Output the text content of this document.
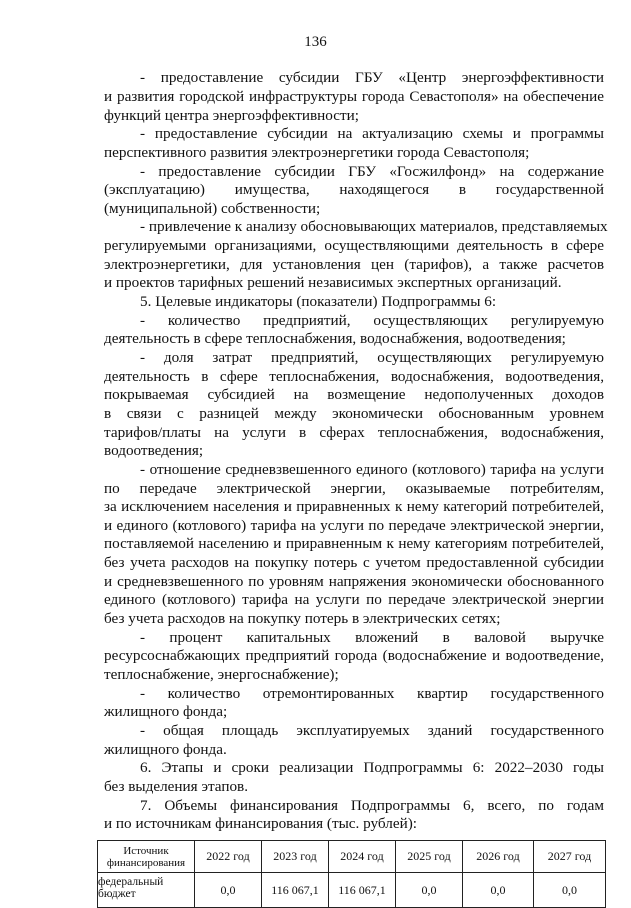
136
- предоставление субсидии ГБУ «Центр энергоэффективности
и развития городской инфраструктуры города Севастополя» на обеспечение
функций центра энергоэффективности;
- предоставление субсидии на актуализацию схемы и программы
перспективного развития электроэнергетики города Севастополя;
- предоставление субсидии ГБУ «Госжилфонд» на содержание
(эксплуатацию) имущества, находящегося в государственной
(муниципальной) собственности;
- привлечение к анализу обосновывающих материалов, представляемых
регулируемыми организациями, осуществляющими деятельность в сфере
электроэнергетики, для установления цен (тарифов), а также расчетов
и проектов тарифных решений независимых экспертных организаций.
5. Целевые индикаторы (показатели) Подпрограммы 6:
- количество предприятий, осуществляющих регулируемую
деятельность в сфере теплоснабжения, водоснабжения, водоотведения;
- доля затрат предприятий, осуществляющих регулируемую
деятельность в сфере теплоснабжения, водоснабжения, водоотведения,
покрываемая субсидией на возмещение недополученных доходов
в связи с разницей между экономически обоснованным уровнем
тарифов/платы на услуги в сферах теплоснабжения, водоснабжения,
водоотведения;
- отношение средневзвешенного единого (котлового) тарифа на услуги
по передаче электрической энергии, оказываемые потребителям,
за исключением населения и приравненных к нему категорий потребителей,
и единого (котлового) тарифа на услуги по передаче электрической энергии,
поставляемой населению и приравненным к нему категориям потребителей,
без учета расходов на покупку потерь с учетом предоставленной субсидии
и средневзвешенного по уровням напряжения экономически обоснованного
единого (котлового) тарифа на услуги по передаче электрической энергии
без учета расходов на покупку потерь в электрических сетях;
- процент капитальных вложений в валовой выручке
ресурсоснабжающих предприятий города (водоснабжение и водоотведение,
теплоснабжение, энергоснабжение);
- количество отремонтированных квартир государственного
жилищного фонда;
- общая площадь эксплуатируемых зданий государственного
жилищного фонда.
6. Этапы и сроки реализации Подпрограммы 6: 2022–2030 годы
без выделения этапов.
7. Объемы финансирования Подпрограммы 6, всего, по годам
и по источникам финансирования (тыс. рублей):
Источник финансирования	2022 год	2023 год	2024 год	2025 год	2026 год	2027 год
федеральный бюджет	0,0	116 067,1	116 067,1	0,0	0,0	0,0
